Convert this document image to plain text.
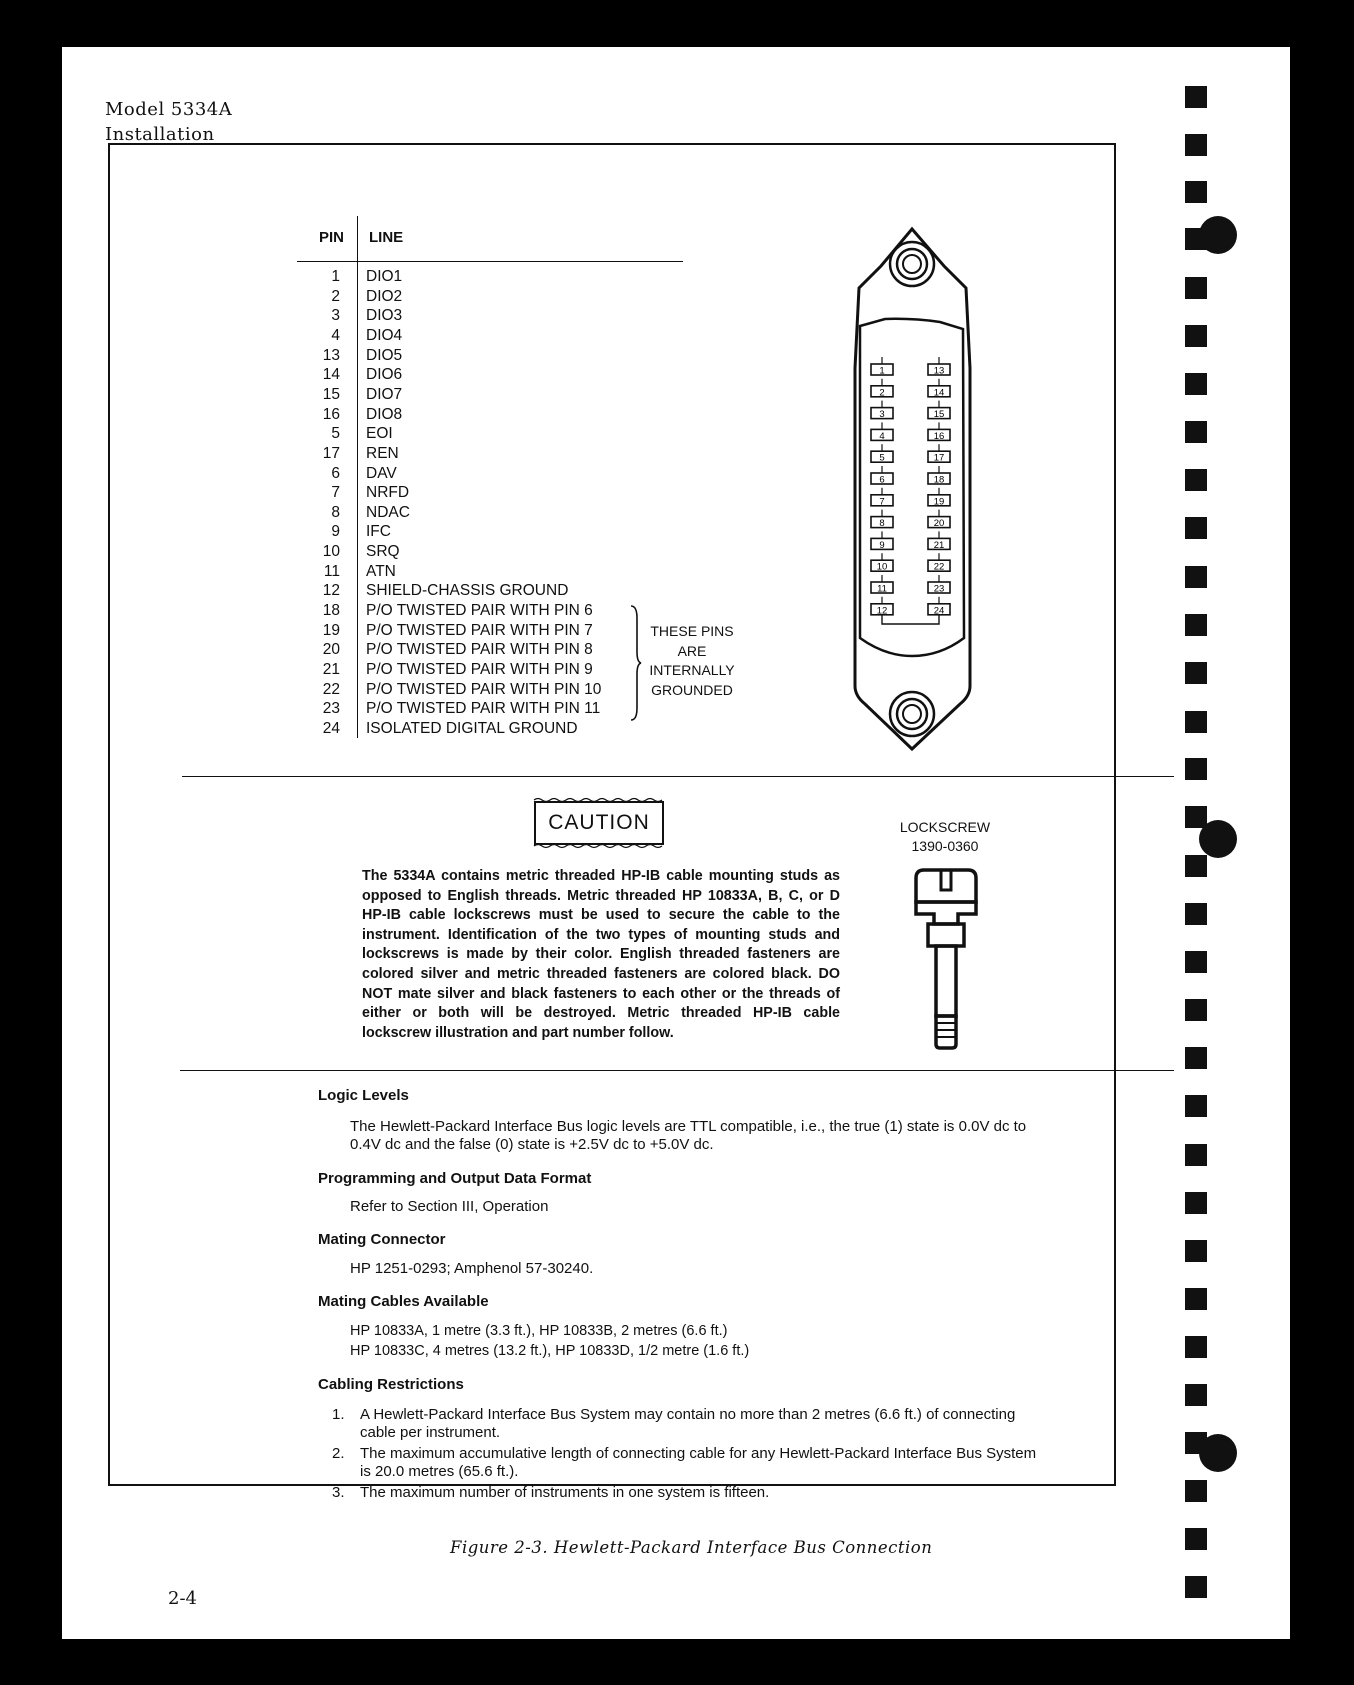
Model 5334A
Installation
PIN LINE
1 DIO1
2 DIO2
3 DIO3
4 DIO4
13 DIO5
14 DIO6
15 DIO7
16 DIO8
5 EOI
17 REN
6 DAV
7 NRFD
8 NDAC
9 IFC
10 SRQ
11 ATN
12 SHIELD-CHASSIS GROUND
18 P/O TWISTED PAIR WITH PIN 6
19 P/O TWISTED PAIR WITH PIN 7
20 P/O TWISTED PAIR WITH PIN 8
21 P/O TWISTED PAIR WITH PIN 9
22 P/O TWISTED PAIR WITH PIN 10
23 P/O TWISTED PAIR WITH PIN 11
24 ISOLATED DIGITAL GROUND
THESE PINS
ARE
INTERNALLY
GROUNDED
1
2
3
4
5
6
7
8
9
10
11
12
13
14
15
16
17
18
19
20
21
22
23
24
CAUTION
The 5334A contains metric threaded HP-IB cable mounting studs as opposed to English threads. Metric threaded HP 10833A, B, C, or D HP-IB cable lockscrews must be used to secure the cable to the instrument. Identification of the two types of mounting studs and lockscrews is made by their color. English threaded fasteners are colored silver and metric threaded fasteners are colored black. DO NOT mate silver and black fasteners to each other or the threads of either or both will be destroyed. Metric threaded HP-IB cable lockscrew illustration and part number follow.
LOCKSCREW
1390-0360
Logic Levels
The Hewlett-Packard Interface Bus logic levels are TTL compatible, i.e., the true (1) state is 0.0V dc to 0.4V dc and the false (0) state is +2.5V dc to +5.0V dc.
Programming and Output Data Format
Refer to Section III, Operation
Mating Connector
HP 1251-0293; Amphenol 57-30240.
Mating Cables Available
HP 10833A, 1 metre (3.3 ft.), HP 10833B, 2 metres (6.6 ft.)
HP 10833C, 4 metres (13.2 ft.), HP 10833D, 1/2 metre (1.6 ft.)
Cabling Restrictions
1. A Hewlett-Packard Interface Bus System may contain no more than 2 metres (6.6 ft.) of connecting cable per instrument.
2. The maximum accumulative length of connecting cable for any Hewlett-Packard Interface Bus System is 20.0 metres (65.6 ft.).
3. The maximum number of instruments in one system is fifteen.
Figure 2-3. Hewlett-Packard Interface Bus Connection
2-4
